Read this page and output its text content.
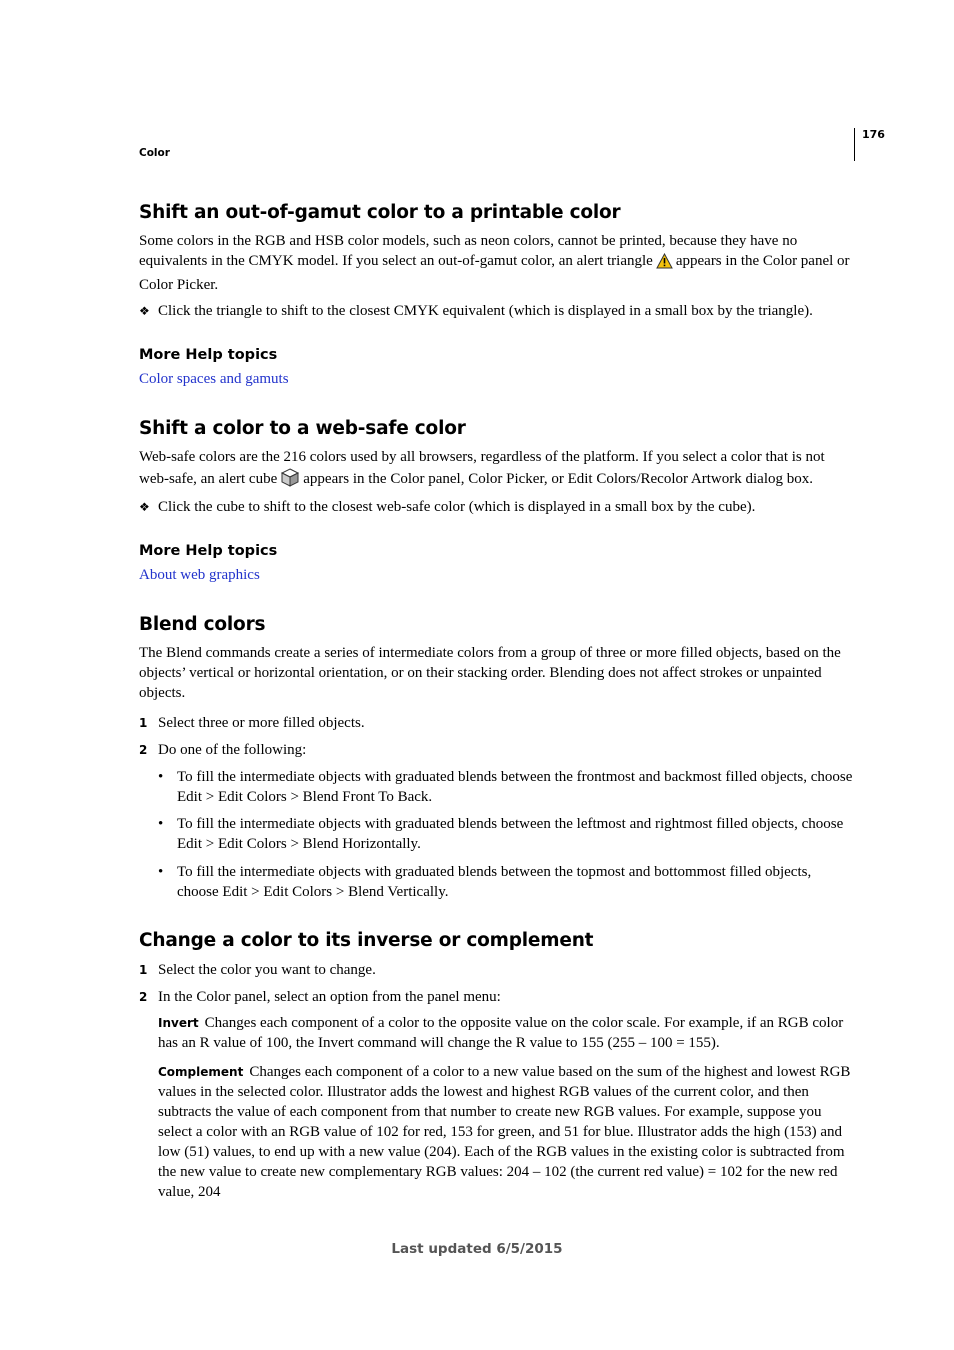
176
Color
Shift an out-of-gamut color to a printable color

Some colors in the RGB and HSB color models, such as neon colors, cannot be printed, because they have no equivalents in the CMYK model. If you select an out-of-gamut color, an alert triangle appears in the Color panel or Color Picker.

❖ Click the triangle to shift to the closest CMYK equivalent (which is displayed in a small box by the triangle).
More Help topics
Color spaces and gamuts
Shift a color to a web-safe color

Web-safe colors are the 216 colors used by all browsers, regardless of the platform. If you select a color that is not web-safe, an alert cube appears in the Color panel, Color Picker, or Edit Colors/Recolor Artwork dialog box.

❖ Click the cube to shift to the closest web-safe color (which is displayed in a small box by the cube).
More Help topics
About web graphics
Blend colors

The Blend commands create a series of intermediate colors from a group of three or more filled objects, based on the objects’ vertical or horizontal orientation, or on their stacking order. Blending does not affect strokes or unpainted objects.

1 Select three or more filled objects.
2 Do one of the following:
• To fill the intermediate objects with graduated blends between the frontmost and backmost filled objects, choose Edit > Edit Colors > Blend Front To Back.
• To fill the intermediate objects with graduated blends between the leftmost and rightmost filled objects, choose Edit > Edit Colors > Blend Horizontally.
• To fill the intermediate objects with graduated blends between the topmost and bottommost filled objects, choose Edit > Edit Colors > Blend Vertically.
Change a color to its inverse or complement
1 Select the color you want to change.
2 In the Color panel, select an option from the panel menu:
Invert Changes each component of a color to the opposite value on the color scale. For example, if an RGB color has an R value of 100, the Invert command will change the R value to 155 (255 – 100 = 155).
Complement Changes each component of a color to a new value based on the sum of the highest and lowest RGB values in the selected color. Illustrator adds the lowest and highest RGB values of the current color, and then subtracts the value of each component from that number to create new RGB values. For example, suppose you select a color with an RGB value of 102 for red, 153 for green, and 51 for blue. Illustrator adds the high (153) and low (51) values, to end up with a new value (204). Each of the RGB values in the existing color is subtracted from the new value to create new complementary RGB values: 204 – 102 (the current red value) = 102 for the new red value, 204
Last updated 6/5/2015
